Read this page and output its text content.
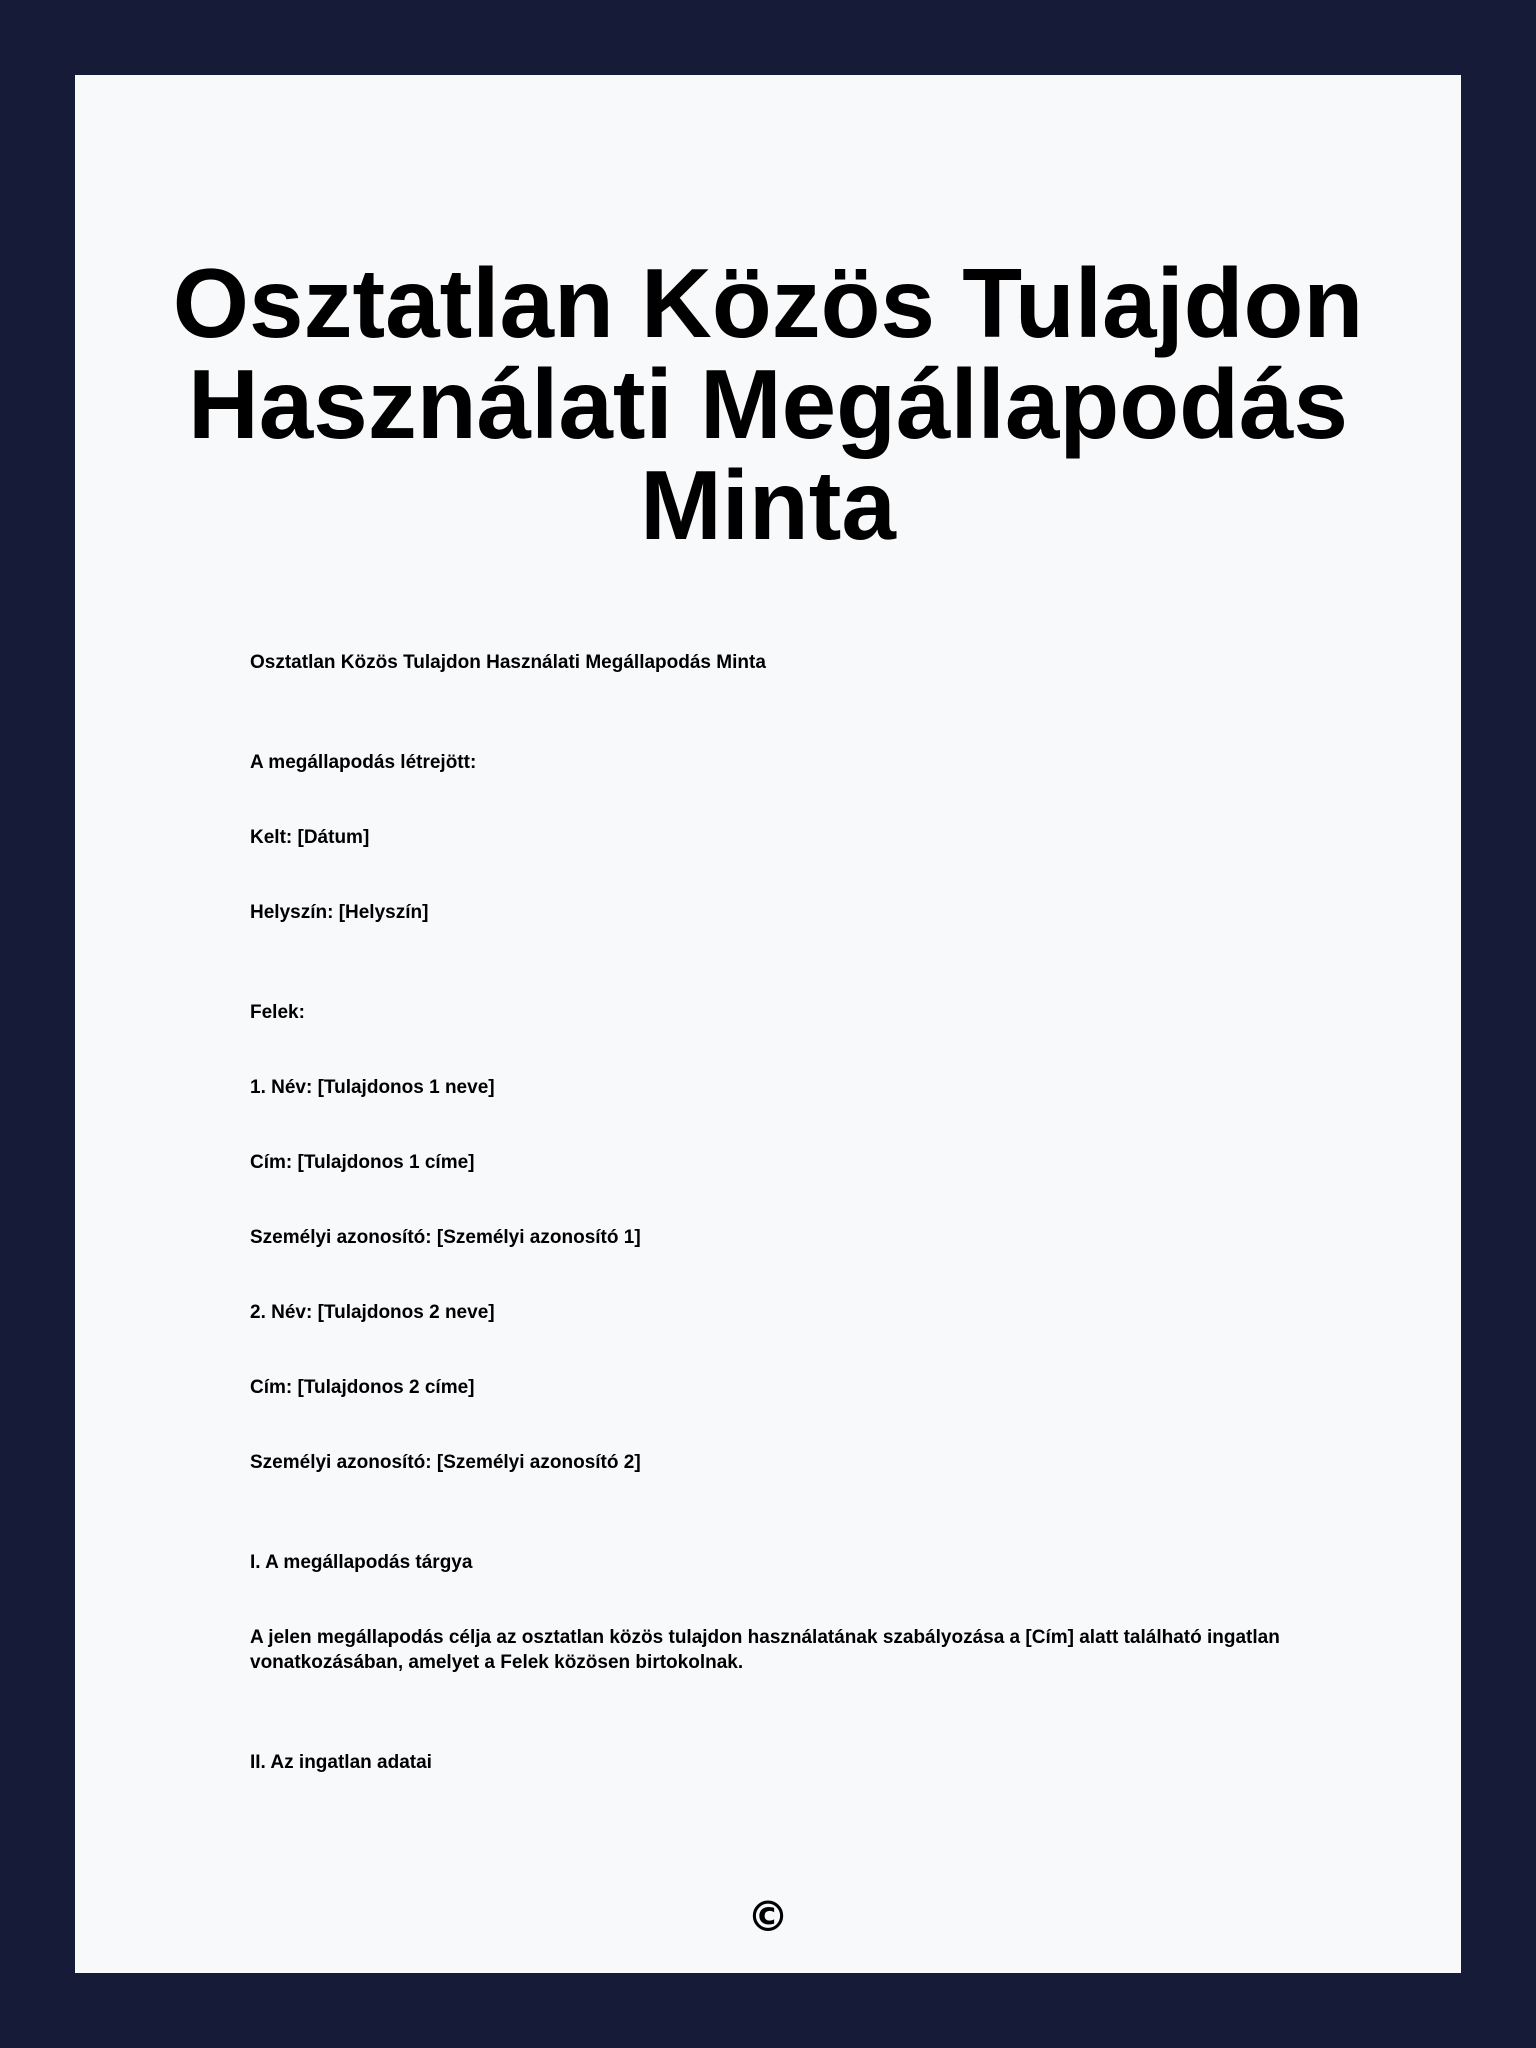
Osztatlan Közös Tulajdon
Használati Megállapodás
Minta

Osztatlan Közös Tulajdon Használati Megállapodás Minta

A megállapodás létrejött:

Kelt: [Dátum]

Helyszín: [Helyszín]

Felek:

1. Név: [Tulajdonos 1 neve]

Cím: [Tulajdonos 1 címe]

Személyi azonosító: [Személyi azonosító 1]

2. Név: [Tulajdonos 2 neve]

Cím: [Tulajdonos 2 címe]

Személyi azonosító: [Személyi azonosító 2]

I. A megállapodás tárgya

A jelen megállapodás célja az osztatlan közös tulajdon használatának szabályozása a [Cím] alatt található ingatlan vonatkozásában, amelyet a Felek közösen birtokolnak.

II. Az ingatlan adatai

©
